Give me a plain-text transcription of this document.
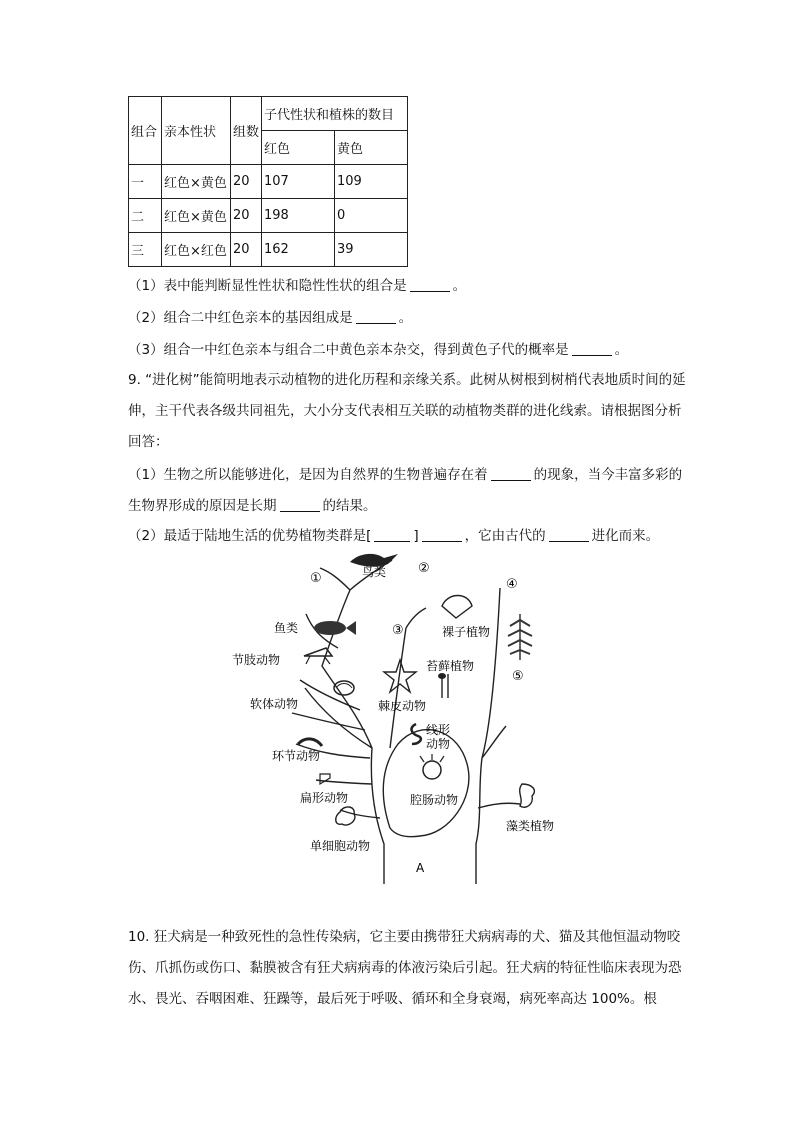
组合	亲本性状	组数	子代性状和植株的数目	
			红色	黄色
一	红色×黄色	20	107	109
二	红色×黄色	20	198	0
三	红色×红色	20	162	39
（1）表中能判断显性性状和隐性性状的组合是	。
（2）组合二中红色亲本的基因组成是	。
（3）组合一中红色亲本与组合二中黄色亲本杂交，得到黄色子代的概率是	。
9. “进化树”能简明地表示动植物的进化历程和亲缘关系。此树从树根到树梢代表地质时间的延伸，主干代表各级共同祖先，大小分支代表相互关联的动植物类群的进化线索。请根据图分析回答：
（1）生物之所以能够进化，是因为自然界的生物普遍存在着	的现象，当今丰富多彩的生物界形成的原因是长期	的结果。
（2）最适于陆地生活的优势植物类群是[	]	，它由古代的	进化而来。
鸟类
鱼类
节肢动物
软体动物
环节动物
扁形动物
单细胞动物
裸子植物
苔藓植物
棘皮动物
线形
动物
腔肠动物
藻类植物
A
①
②
③
④
⑤
10. 狂犬病是一种致死性的急性传染病，它主要由携带狂犬病病毒的犬、猫及其他恒温动物咬伤、爪抓伤或伤口、黏膜被含有狂犬病病毒的体液污染后引起。狂犬病的特征性临床表现为恐水、畏光、吞咽困难、狂躁等，最后死于呼吸、循环和全身衰竭，病死率高达 100%。根
